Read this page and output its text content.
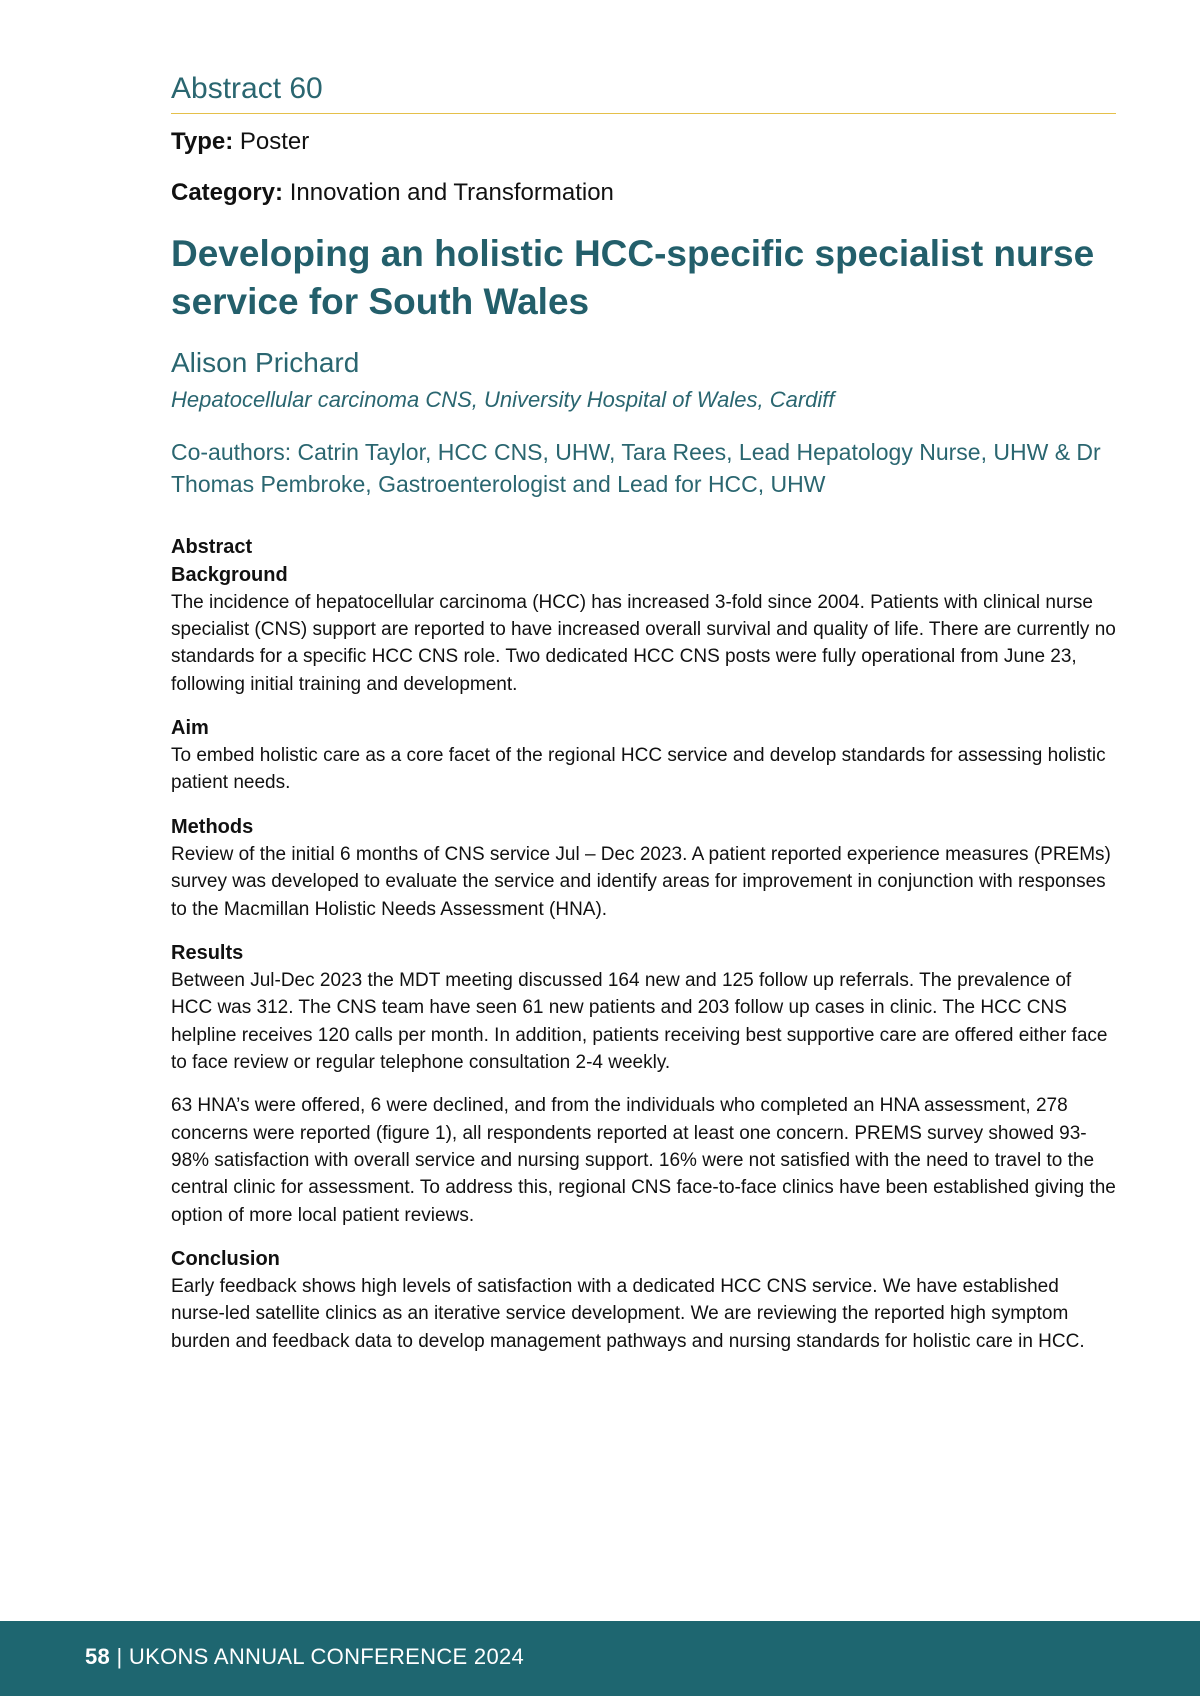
Abstract 60

Type: Poster

Category: Innovation and Transformation

Developing an holistic HCC-specific specialist nurse service for South Wales

Alison Prichard

Hepatocellular carcinoma CNS, University Hospital of Wales, Cardiff

Co-authors: Catrin Taylor, HCC CNS, UHW, Tara Rees, Lead Hepatology Nurse, UHW & Dr Thomas Pembroke, Gastroenterologist and Lead for HCC, UHW

Abstract

Background

The incidence of hepatocellular carcinoma (HCC) has increased 3-fold since 2004. Patients with clinical nurse specialist (CNS) support are reported to have increased overall survival and quality of life. There are currently no standards for a specific HCC CNS role. Two dedicated HCC CNS posts were fully operational from June 23, following initial training and development.

Aim

To embed holistic care as a core facet of the regional HCC service and develop standards for assessing holistic patient needs.

Methods

Review of the initial 6 months of CNS service Jul – Dec 2023. A patient reported experience measures (PREMs) survey was developed to evaluate the service and identify areas for improvement in conjunction with responses to the Macmillan Holistic Needs Assessment (HNA).

Results

Between Jul-Dec 2023 the MDT meeting discussed 164 new and 125 follow up referrals. The prevalence of HCC was 312. The CNS team have seen 61 new patients and 203 follow up cases in clinic. The HCC CNS helpline receives 120 calls per month. In addition, patients receiving best supportive care are offered either face to face review or regular telephone consultation 2-4 weekly.

63 HNA’s were offered, 6 were declined, and from the individuals who completed an HNA assessment, 278 concerns were reported (figure 1), all respondents reported at least one concern. PREMS survey showed 93-98% satisfaction with overall service and nursing support. 16% were not satisfied with the need to travel to the central clinic for assessment. To address this, regional CNS face-to-face clinics have been established giving the option of more local patient reviews.

Conclusion

Early feedback shows high levels of satisfaction with a dedicated HCC CNS service. We have established nurse-led satellite clinics as an iterative service development. We are reviewing the reported high symptom burden and feedback data to develop management pathways and nursing standards for holistic care in HCC.

58 | UKONS ANNUAL CONFERENCE 2024
